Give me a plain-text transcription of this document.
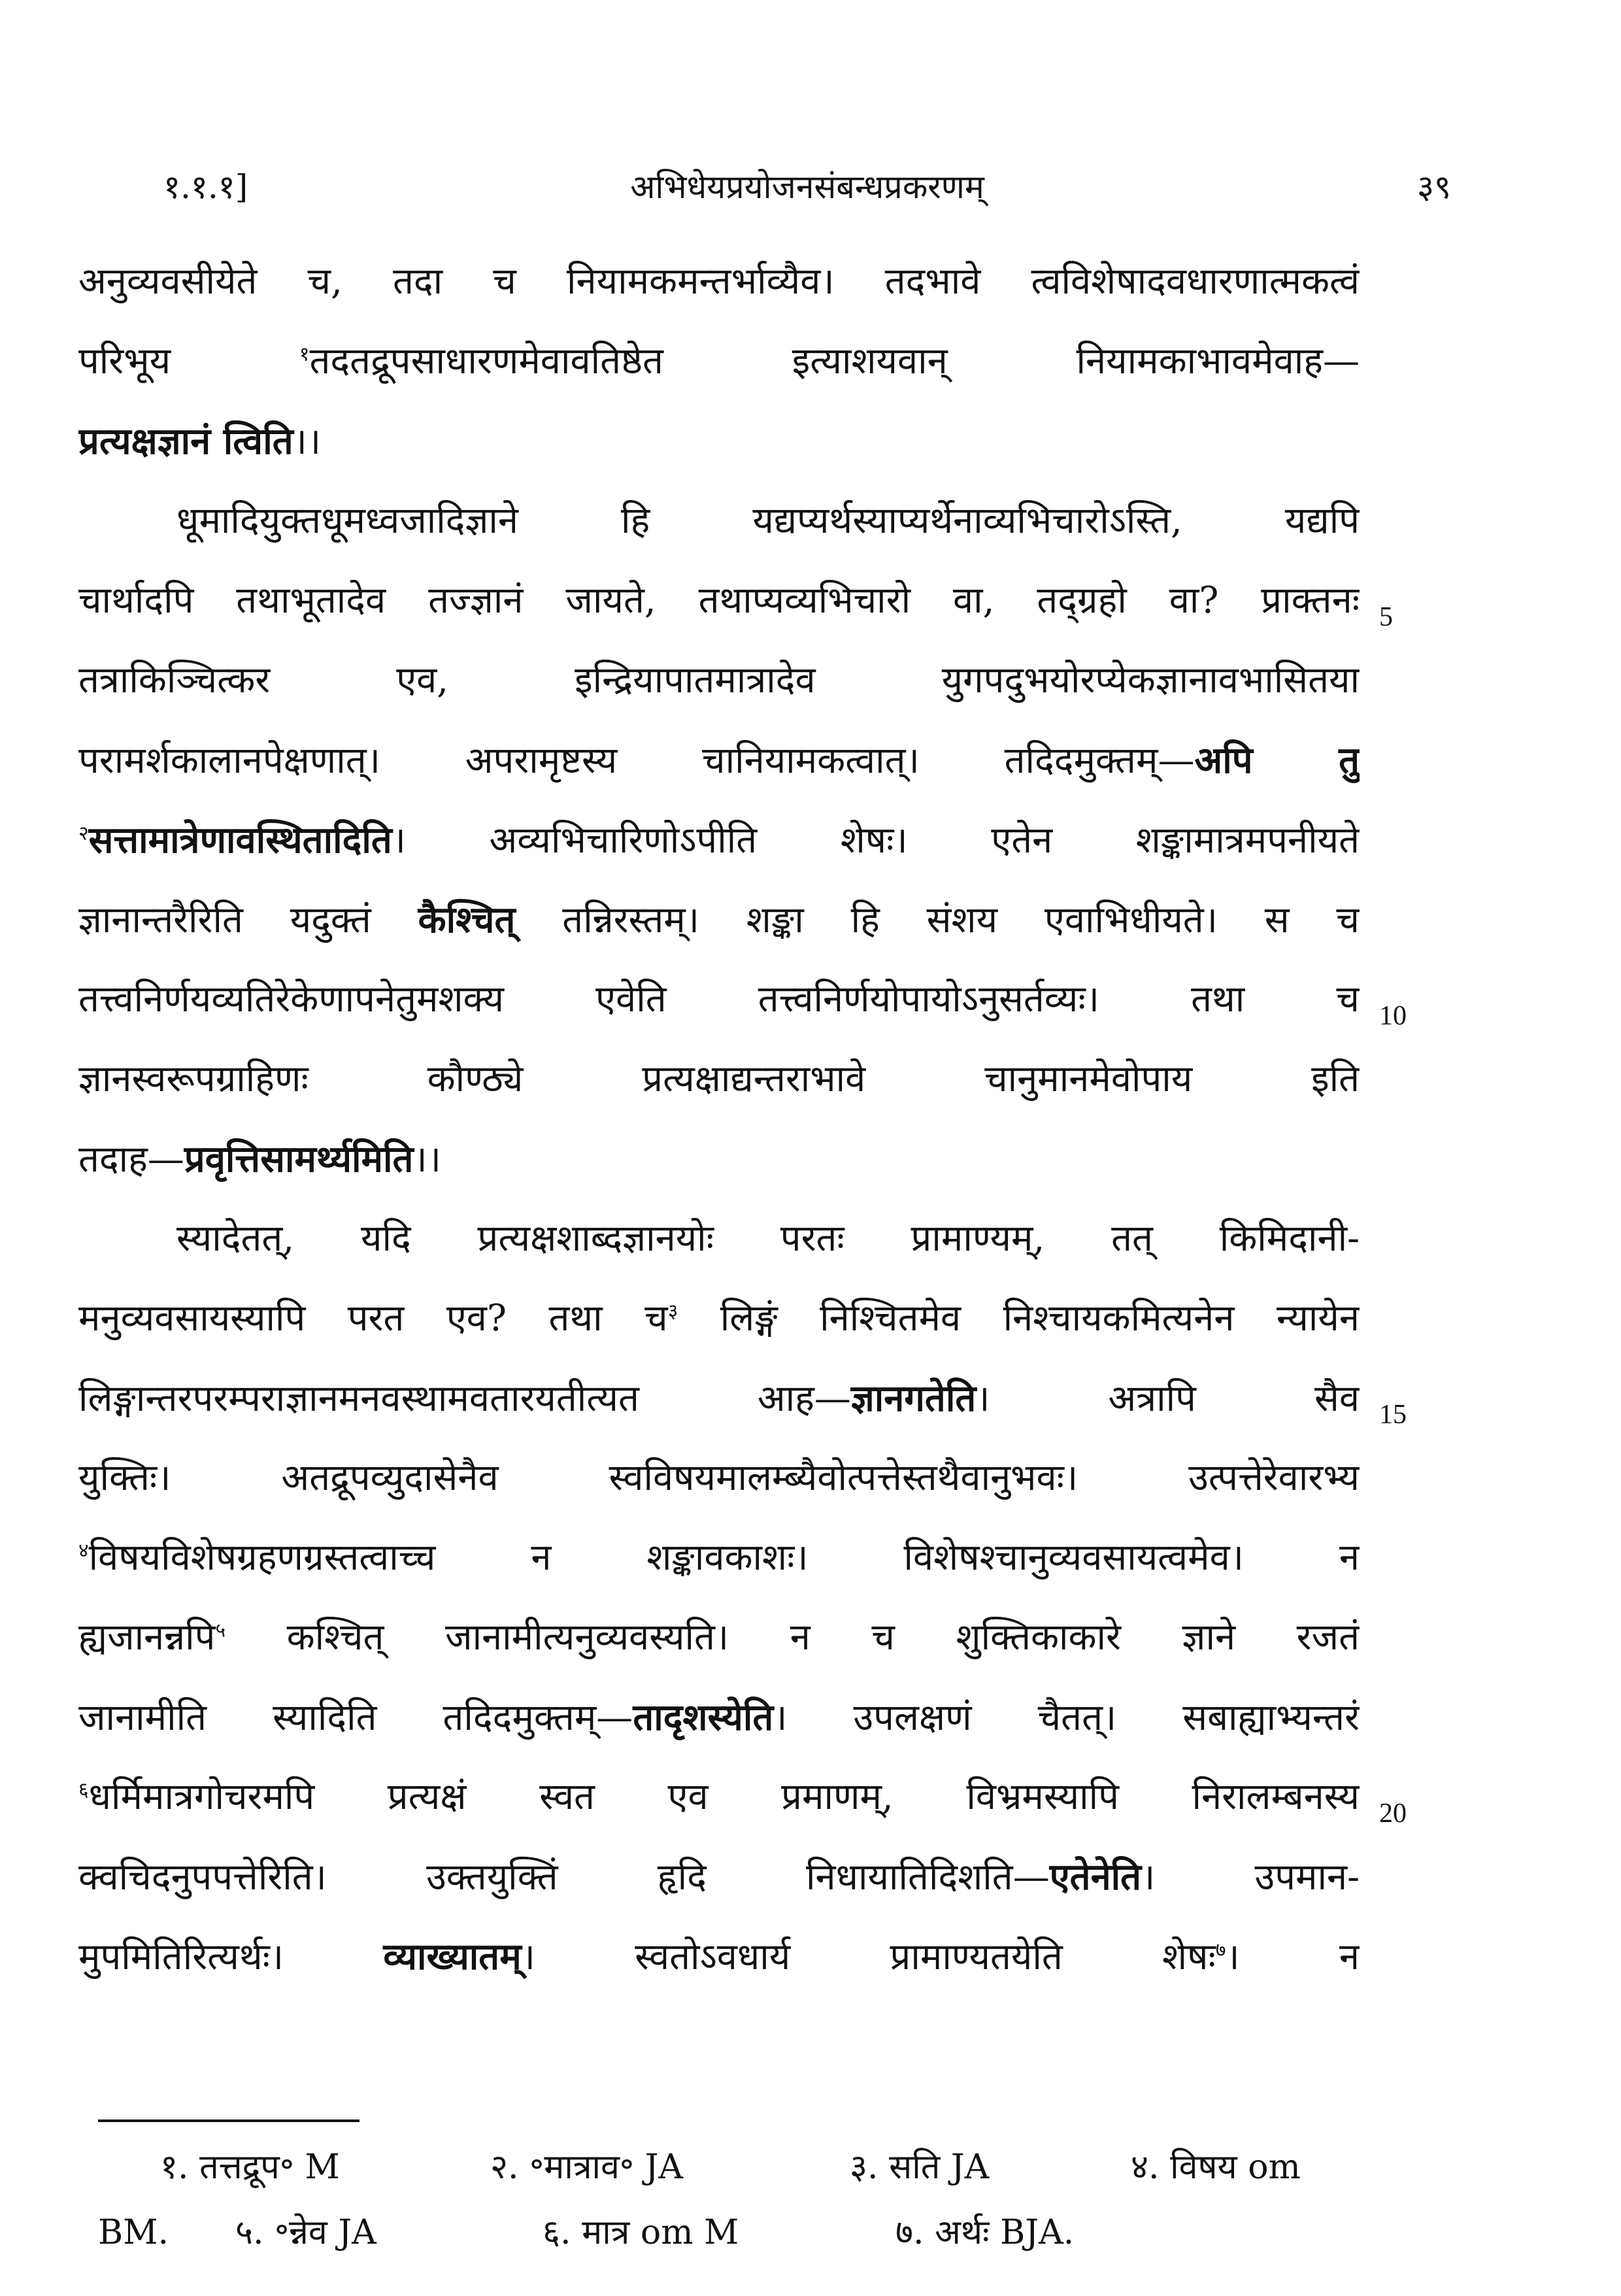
१.१.१]	अभिधेयप्रयोजनसंबन्धप्रकरणम्	३९
अनुव्यवसीयेते च, तदा च नियामकमन्तर्भाव्यैव। तदभावे त्वविशेषादवधारणात्मकत्वं
परिभूय $^१$तदतद्रूपसाधारणमेवावतिष्ठेत इत्याशयवान् नियामकाभावमेवाह—
प्रत्यक्षज्ञानं त्विति।।
धूमादियुक्तधूमध्वजादिज्ञाने हि यद्यप्यर्थस्याप्यर्थेनाव्यभिचारोऽस्ति, यद्यपि
चार्थादपि तथाभूतादेव तज्ज्ञानं जायते, तथाप्यव्यभिचारो वा, तद्ग्रहो वा? प्राक्तनः
तत्राकिञ्चित्कर एव, इन्द्रियापातमात्रादेव युगपदुभयोरप्येकज्ञानावभासितया
परामर्शकालानपेक्षणात्। अपरामृष्टस्य चानियामकत्वात्। तदिदमुक्तम्—अपि तु
$^२$सत्तामात्रेणावस्थितादिति। अव्यभिचारिणोऽपीति शेषः। एतेन शङ्कामात्रमपनीयते
ज्ञानान्तरैरिति यदुक्तं कैश्चित् तन्निरस्तम्। शङ्का हि संशय एवाभिधीयते। स च
तत्त्वनिर्णयव्यतिरेकेणापनेतुमशक्य एवेति तत्त्वनिर्णयोपायोऽनुसर्तव्यः। तथा च
ज्ञानस्वरूपग्राहिणः कौण्ठ्ये प्रत्यक्षाद्यन्तराभावे चानुमानमेवोपाय इति
तदाह—प्रवृत्तिसामर्थ्यमिति।।
स्यादेतत्, यदि प्रत्यक्षशाब्दज्ञानयोः परतः प्रामाण्यम्, तत् किमिदानी-
मनुव्यवसायस्यापि परत एव? तथा च$^३$ लिङ्गं निश्चितमेव निश्चायकमित्यनेन न्यायेन
लिङ्गान्तरपरम्पराज्ञानमनवस्थामवतारयतीत्यत आह—ज्ञानगतेति। अत्रापि सैव
युक्तिः। अतद्रूपव्युदासेनैव स्वविषयमालम्ब्यैवोत्पत्तेस्तथैवानुभवः। उत्पत्तेरेवारभ्य
$^४$विषयविशेषग्रहणग्रस्तत्वाच्च न शङ्कावकाशः। विशेषश्चानुव्यवसायत्वमेव। न
ह्यजानन्नपि$^५$ कश्चित् जानामीत्यनुव्यवस्यति। न च शुक्तिकाकारे ज्ञाने रजतं
जानामीति स्यादिति तदिदमुक्तम्—तादृशस्येति। उपलक्षणं चैतत्। सबाह्याभ्यन्तरं
$^६$धर्मिमात्रगोचरमपि प्रत्यक्षं स्वत एव प्रमाणम्, विभ्रमस्यापि निरालम्बनस्य
क्वचिदनुपपत्तेरिति। उक्तयुक्तिं हृदि निधायातिदिशति—एतेनेति। उपमान-
मुपमितिरित्यर्थः। व्याख्यातम्। स्वतोऽवधार्य प्रामाण्यतयेति शेषः$^७$। न
5
10
15
20
१. तत्तद्रूप॰ M	२. ॰मात्राव॰ JA	३. सति JA	४. विषय om
BM. ५. ॰न्नेव JA	६. मात्र om M	७. अर्थः BJA.
